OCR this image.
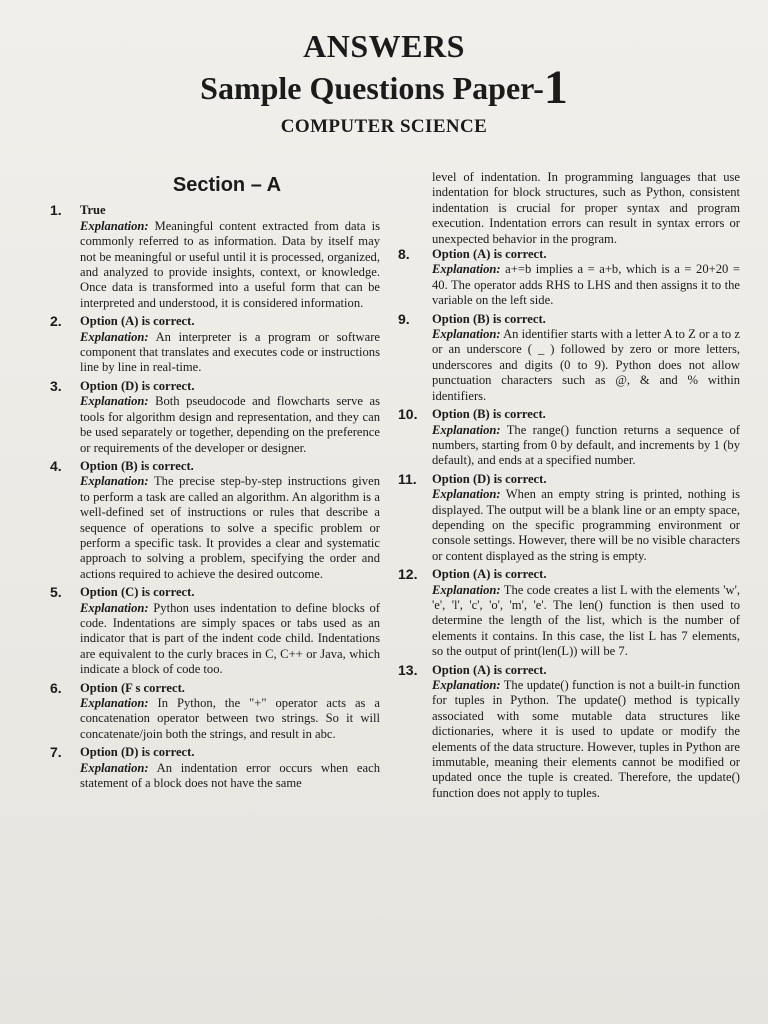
ANSWERS
Sample Questions Paper-1
COMPUTER SCIENCE
Section – A
1. True
Explanation: Meaningful content extracted from data is commonly referred to as information. Data by itself may not be meaningful or useful until it is processed, organized, and analyzed to provide insights, context, or knowledge. Once data is transformed into a useful form that can be interpreted and understood, it is considered information.
2. Option (A) is correct.
Explanation: An interpreter is a program or software component that translates and executes code or instructions line by line in real-time.
3. Option (D) is correct.
Explanation: Both pseudocode and flowcharts serve as tools for algorithm design and representation, and they can be used separately or together, depending on the preference or requirements of the developer or designer.
4. Option (B) is correct.
Explanation: The precise step-by-step instructions given to perform a task are called an algorithm. An algorithm is a well-defined set of instructions or rules that describe a sequence of operations to solve a specific problem or perform a specific task. It provides a clear and systematic approach to solving a problem, specifying the order and actions required to achieve the desired outcome.
5. Option (C) is correct.
Explanation: Python uses indentation to define blocks of code. Indentations are simply spaces or tabs used as an indicator that is part of the indent code child. Indentations are equivalent to the curly braces in C, C++ or Java, which indicate a block of code too.
6. Option (F s correct.
Explanation: In Python, the "+" operator acts as a concatenation operator between two strings. So it will concatenate/join both the strings, and result in abc.
7. Option (D) is correct.
Explanation: An indentation error occurs when each statement of a block does not have the same
level of indentation. In programming languages that use indentation for block structures, such as Python, consistent indentation is crucial for proper syntax and program execution. Indentation errors can result in syntax errors or unexpected behavior in the program.
8. Option (A) is correct.
Explanation: a+=b implies a = a+b, which is a = 20+20 = 40. The operator adds RHS to LHS and then assigns it to the variable on the left side.
9. Option (B) is correct.
Explanation: An identifier starts with a letter A to Z or a to z or an underscore ( _ ) followed by zero or more letters, underscores and digits (0 to 9). Python does not allow punctuation characters such as @, & and % within identifiers.
10. Option (B) is correct.
Explanation: The range() function returns a sequence of numbers, starting from 0 by default, and increments by 1 (by default), and ends at a specified number.
11. Option (D) is correct.
Explanation: When an empty string is printed, nothing is displayed. The output will be a blank line or an empty space, depending on the specific programming environment or console settings. However, there will be no visible characters or content displayed as the string is empty.
12. Option (A) is correct.
Explanation: The code creates a list L with the elements 'w', 'e', 'l', 'c', 'o', 'm', 'e'. The len() function is then used to determine the length of the list, which is the number of elements it contains. In this case, the list L has 7 elements, so the output of print(len(L)) will be 7.
13. Option (A) is correct.
Explanation: The update() function is not a built-in function for tuples in Python. The update() method is typically associated with some mutable data structures like dictionaries, where it is used to update or modify the elements of the data structure. However, tuples in Python are immutable, meaning their elements cannot be modified or updated once the tuple is created. Therefore, the update() function does not apply to tuples.
